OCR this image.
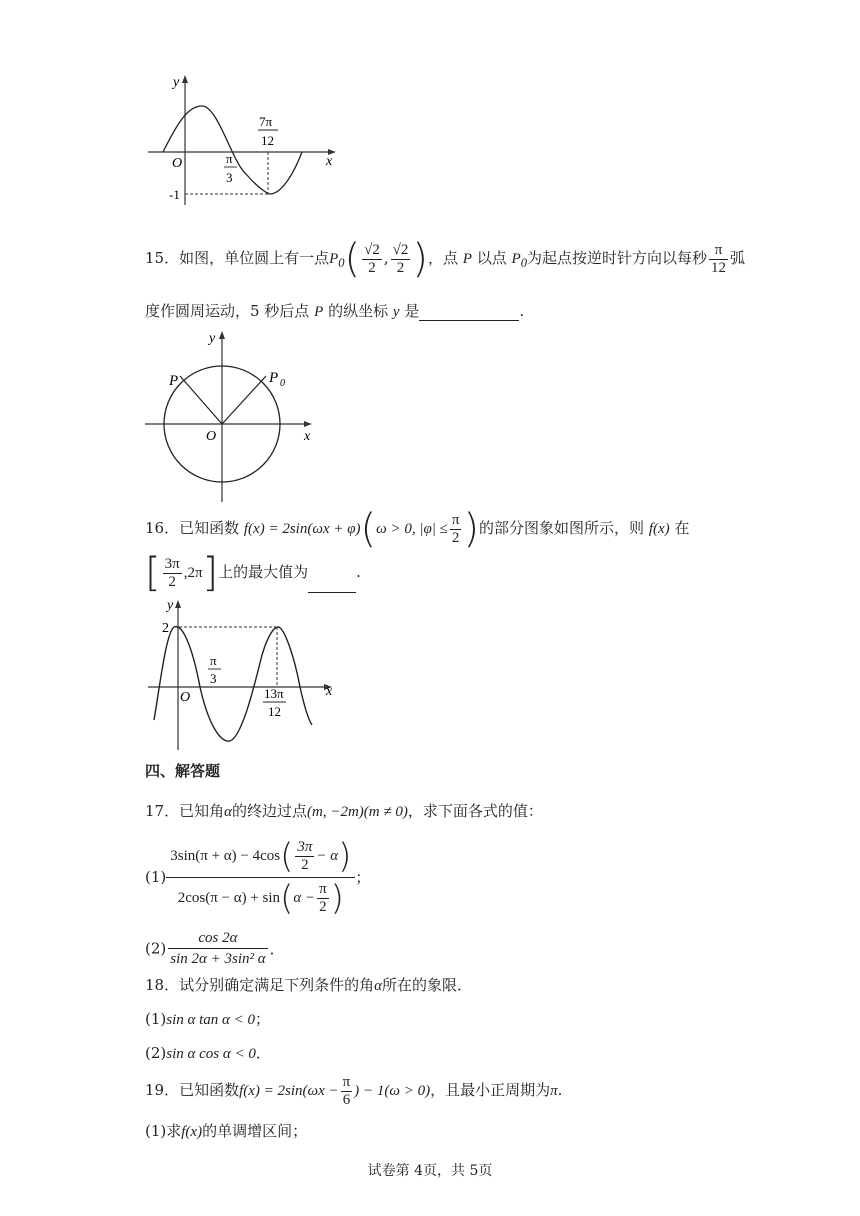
y
x
O
7π
12
π
3
-1
15．如图，单位圆上有一点$P_0( \frac{√2}{2}$ , $\frac{√2}{2}$ )，点 P 以点 $P_0$为起点按逆时针方向以每秒 $\frac{\pi}{12}$ 弧
度作圆周运动，5 秒后点 P 的纵坐标 y 是	.
y
x
O
P	P 0
16．已知函数 f(x) = 2sin(ωx + φ)(ω > 0, $|\varphi| \le \frac{\pi}{2}$ )的部分图象如图所示，则 f(x) 在
[ $\frac{3\pi}{2} ,2\pi$]上的最大值为	.
y
x
O
2
π
3
13π
12
四、解答题
17．已知角α的终边过点(m, −2m)(m ≠ 0)，求下面各式的值：
$(1) \frac{3\sin(\pi + \alpha) - 4\cos( \frac{3\pi}{2} - \alpha)}{2\cos(\pi - \alpha) + \sin(\alpha - \frac{\pi}{2} )}$ ；
$(2) \frac{\cos 2\alpha}{\text{sin 2α + 3sin² α}}$ ．
18．试分别确定满足下列条件的角α所在的象限．
(1)sin α tan α < 0；
(2)sin α cos α < 0．
19．已知函数$f(x) = 2\sin(\omega x - \frac{\pi}{6}$ ) − 1(ω > 0)，且最小正周期为π.
(1)求f(x)的单调增区间；
试卷第 4页，共 5页
